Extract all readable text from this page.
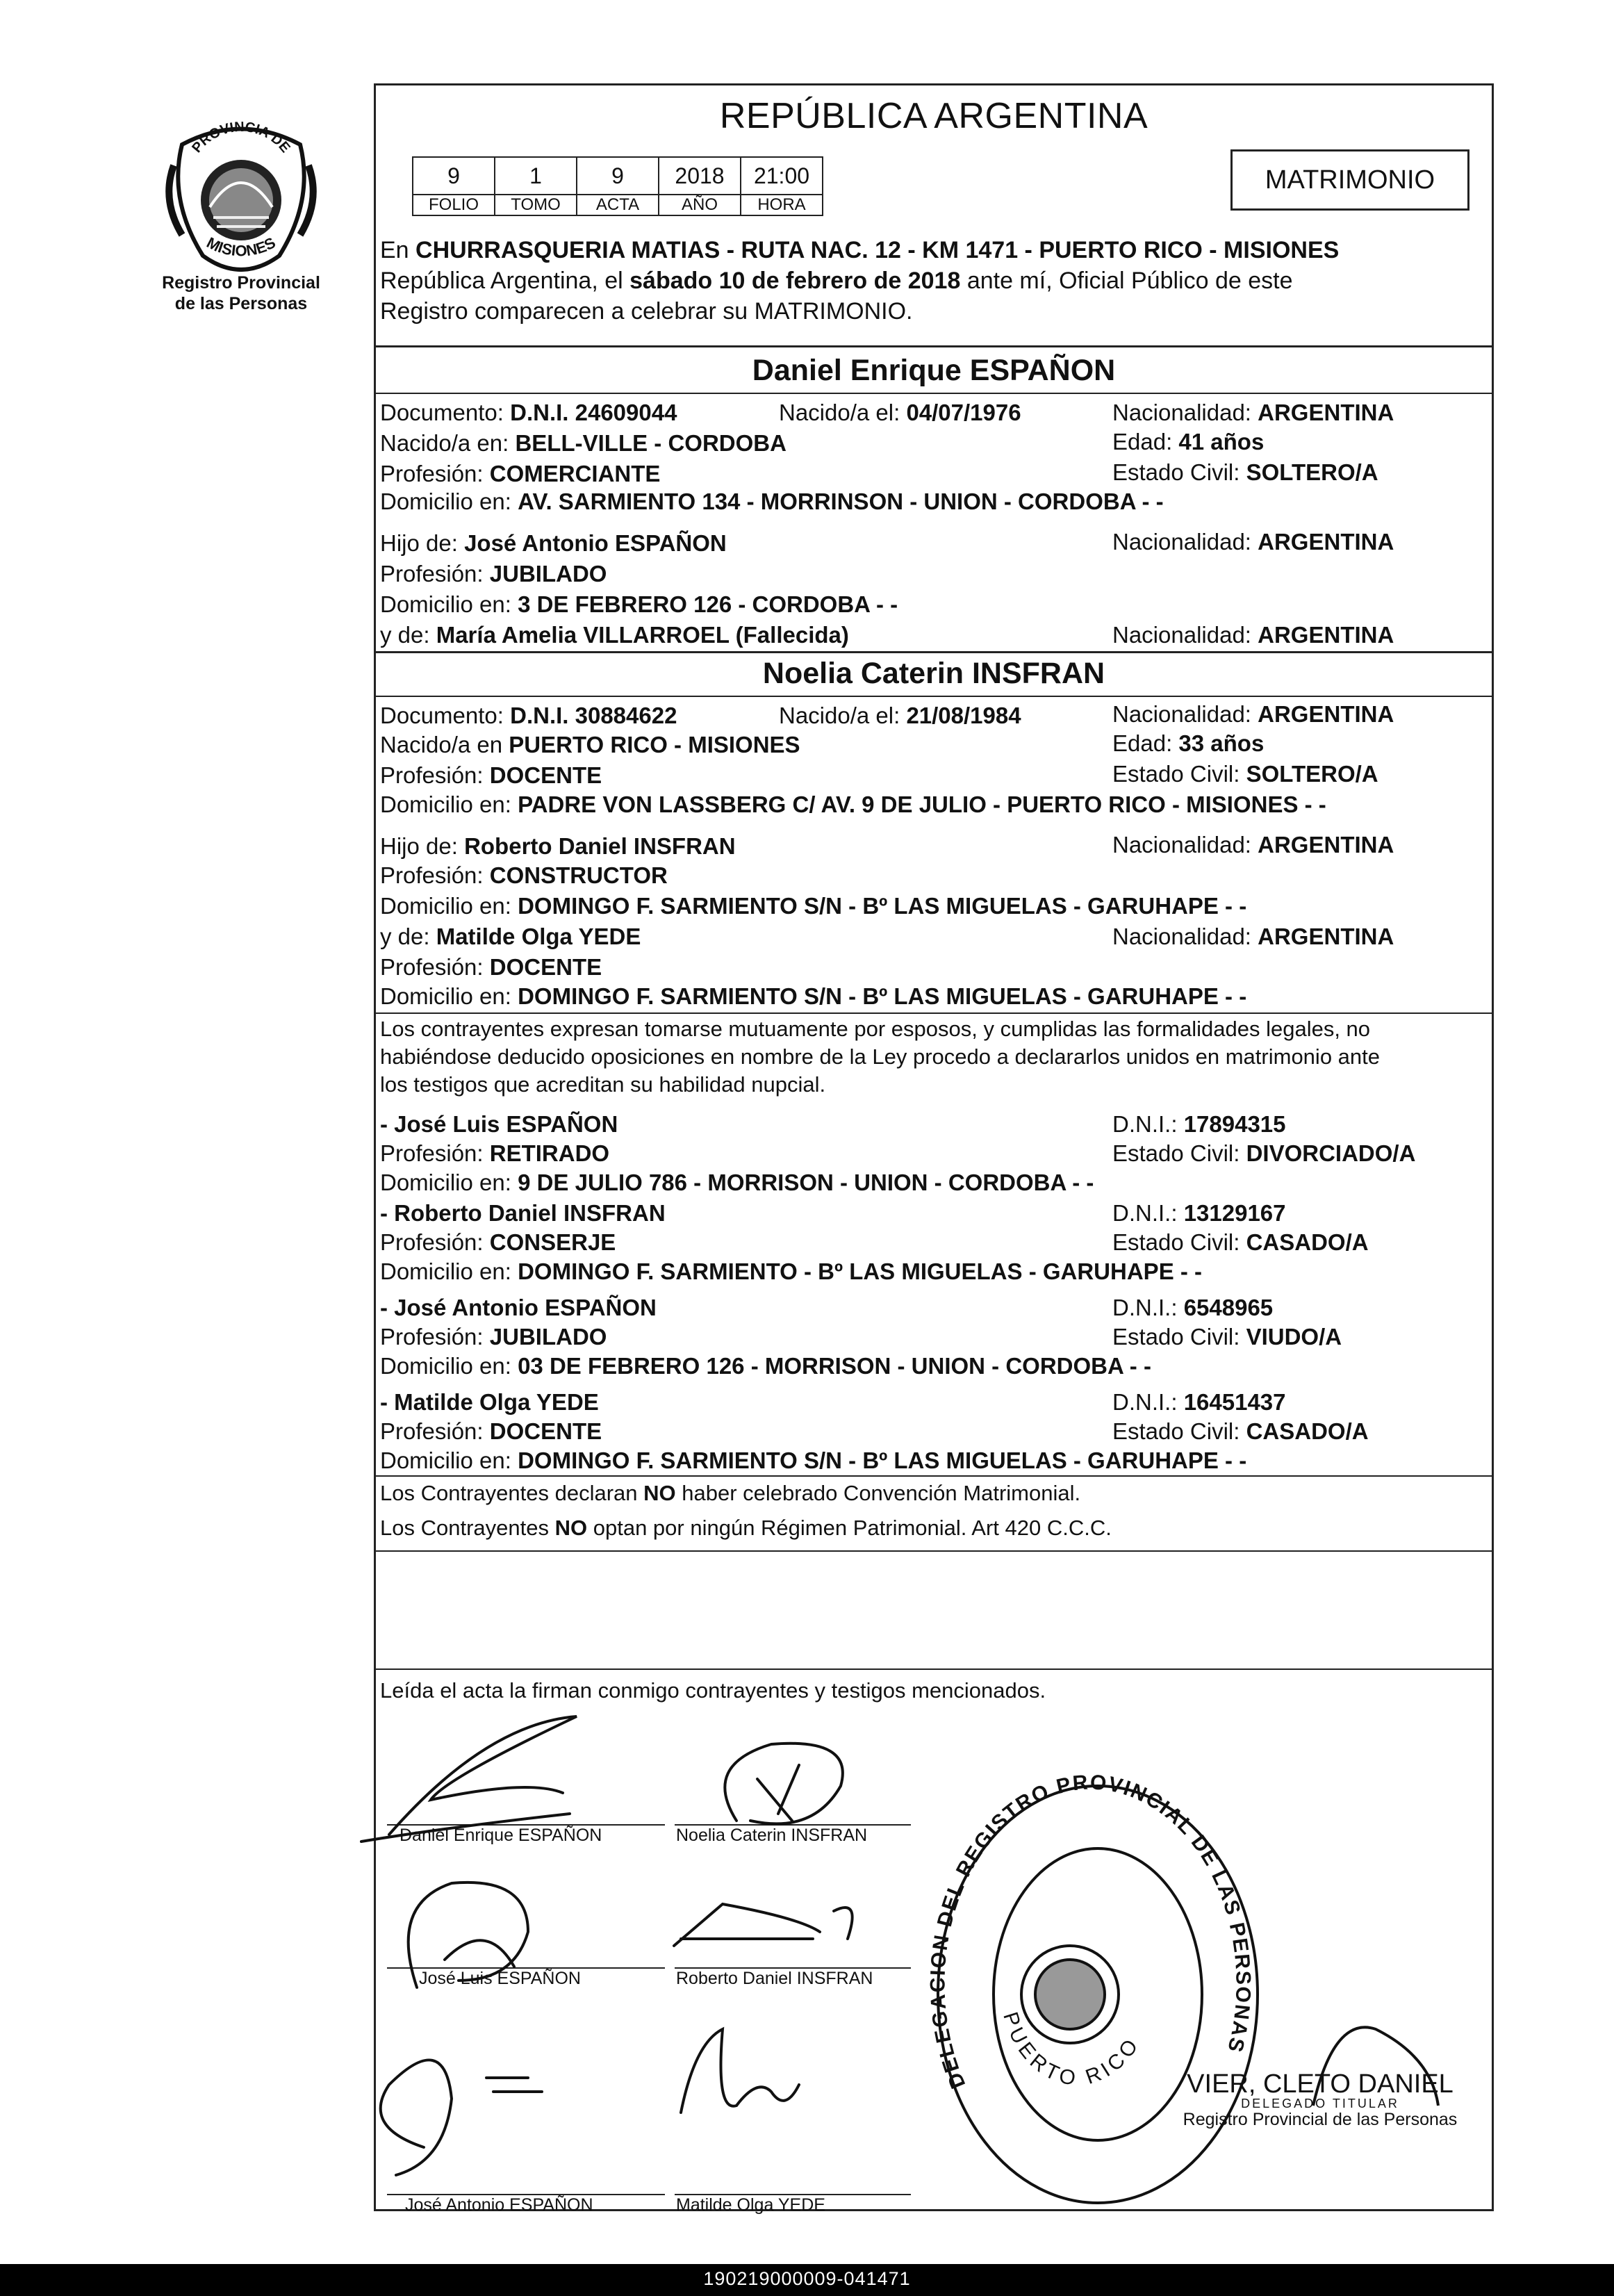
PROVINCIA DE
MISIONES
Registro Provincial
de las Personas
REPÚBLICA ARGENTINA
9	1	9	2018	21:00
FOLIO	TOMO	ACTA	AÑO	HORA
MATRIMONIO
En CHURRASQUERIA MATIAS - RUTA NAC. 12 - KM 1471 - PUERTO RICO - MISIONES
República Argentina, el sábado 10 de febrero de 2018 ante mí, Oficial Público de este
Registro comparecen a celebrar su MATRIMONIO.
Daniel Enrique ESPAÑON
Documento: D.N.I. 24609044	Nacido/a el: 04/07/1976	Nacionalidad: ARGENTINA
Nacido/a en: BELL-VILLE - CORDOBA	Edad: 41 años
Profesión: COMERCIANTE	Estado Civil: SOLTERO/A
Domicilio en: AV. SARMIENTO 134 - MORRINSON - UNION - CORDOBA - -
Hijo de: José Antonio ESPAÑON	Nacionalidad: ARGENTINA
Profesión: JUBILADO
Domicilio en: 3 DE FEBRERO 126 - CORDOBA - -
y de: María Amelia VILLARROEL (Fallecida)	Nacionalidad: ARGENTINA
Noelia Caterin INSFRAN
Documento: D.N.I. 30884622	Nacido/a el: 21/08/1984	Nacionalidad: ARGENTINA
Nacido/a en PUERTO RICO - MISIONES	Edad: 33 años
Profesión: DOCENTE	Estado Civil: SOLTERO/A
Domicilio en: PADRE VON LASSBERG C/ AV. 9 DE JULIO - PUERTO RICO - MISIONES - -
Hijo de: Roberto Daniel INSFRAN	Nacionalidad: ARGENTINA
Profesión: CONSTRUCTOR
Domicilio en: DOMINGO F. SARMIENTO S/N - Bº LAS MIGUELAS - GARUHAPE - -
y de: Matilde Olga YEDE	Nacionalidad: ARGENTINA
Profesión: DOCENTE
Domicilio en: DOMINGO F. SARMIENTO S/N - Bº LAS MIGUELAS - GARUHAPE - -
Los contrayentes expresan tomarse mutuamente por esposos, y cumplidas las formalidades legales, no
habiéndose deducido oposiciones en nombre de la Ley procedo a declararlos unidos en matrimonio ante
los testigos que acreditan su habilidad nupcial.
- José Luis ESPAÑON	D.N.I.: 17894315
Profesión: RETIRADO	Estado Civil: DIVORCIADO/A
Domicilio en: 9 DE JULIO 786 - MORRISON - UNION - CORDOBA - -
- Roberto Daniel INSFRAN	D.N.I.: 13129167
Profesión: CONSERJE	Estado Civil: CASADO/A
Domicilio en: DOMINGO F. SARMIENTO - Bº LAS MIGUELAS - GARUHAPE - -
- José Antonio ESPAÑON	D.N.I.: 6548965
Profesión: JUBILADO	Estado Civil: VIUDO/A
Domicilio en: 03 DE FEBRERO 126 - MORRISON - UNION - CORDOBA - -
- Matilde Olga YEDE	D.N.I.: 16451437
Profesión: DOCENTE	Estado Civil: CASADO/A
Domicilio en: DOMINGO F. SARMIENTO S/N - Bº LAS MIGUELAS - GARUHAPE - -
Los Contrayentes declaran NO haber celebrado Convención Matrimonial.
Los Contrayentes NO optan por ningún Régimen Patrimonial. Art 420 C.C.C.
Leída el acta la firman conmigo contrayentes y testigos mencionados.
Daniel Enrique ESPAÑON	Noelia Caterin INSFRAN
José Luis ESPAÑON	Roberto Daniel INSFRAN
José Antonio ESPAÑON	Matilde Olga YEDE
DELEGACION DEL REGISTRO PROVINCIAL DE LAS PERSONAS
PUERTO RICO
VIER, CLETO DANIEL
DELEGADO TITULAR
Registro Provincial de las Personas
190219000009-041471
